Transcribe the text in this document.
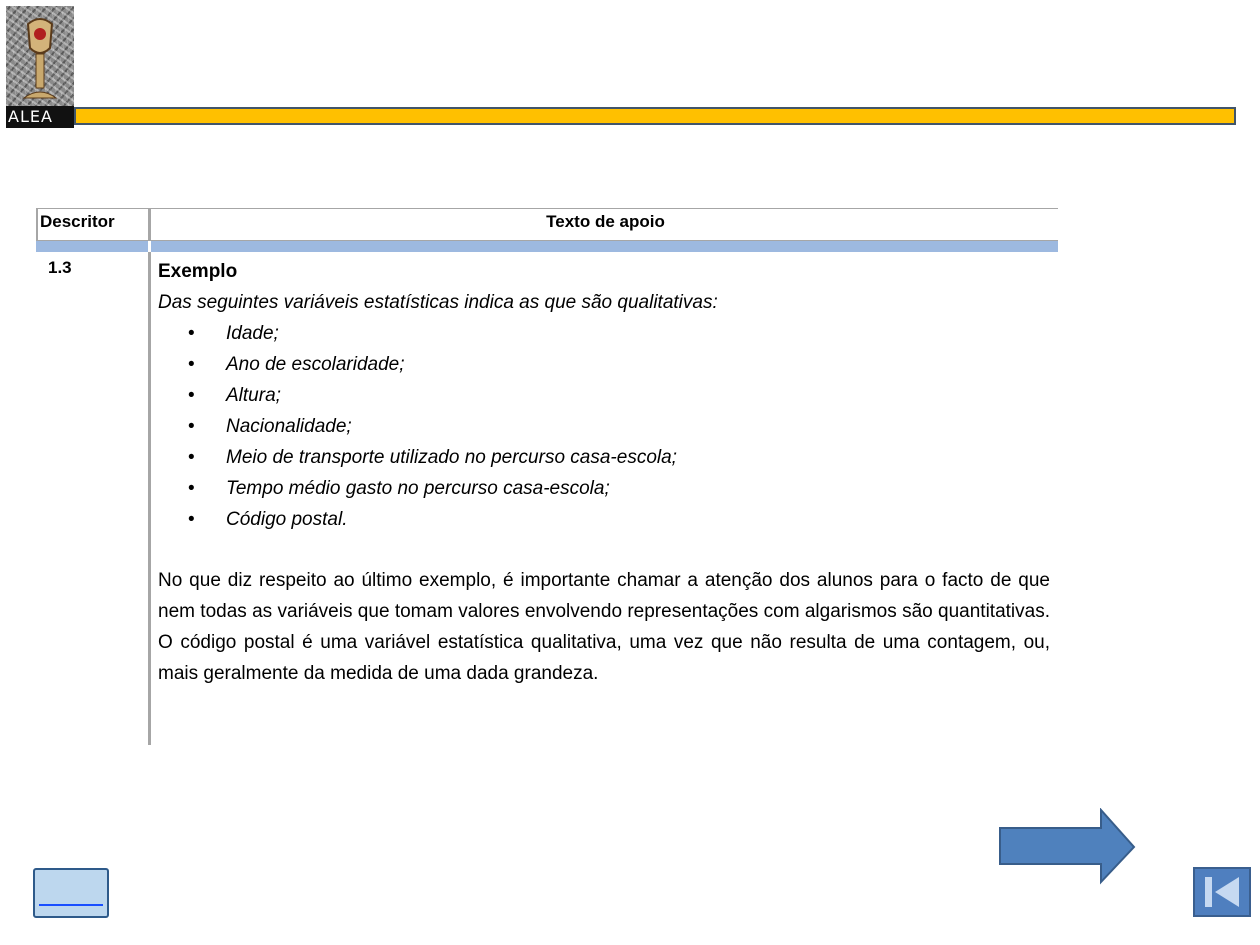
ALEA
Descritor	Texto de apoio
1.3	Exemplo
Das seguintes variáveis estatísticas indica as que são qualitativas:
• Idade;
• Ano de escolaridade;
• Altura;
• Nacionalidade;
• Meio de transporte utilizado no percurso casa-escola;
• Tempo médio gasto no percurso casa-escola;
• Código postal.
No que diz respeito ao último exemplo, é importante chamar a atenção dos alunos para o facto de que nem todas as variáveis que tomam valores envolvendo representações com algarismos são quantitativas. O código postal é uma variável estatística qualitativa, uma vez que não resulta de uma contagem, ou, mais geralmente da medida de uma dada grandeza.
